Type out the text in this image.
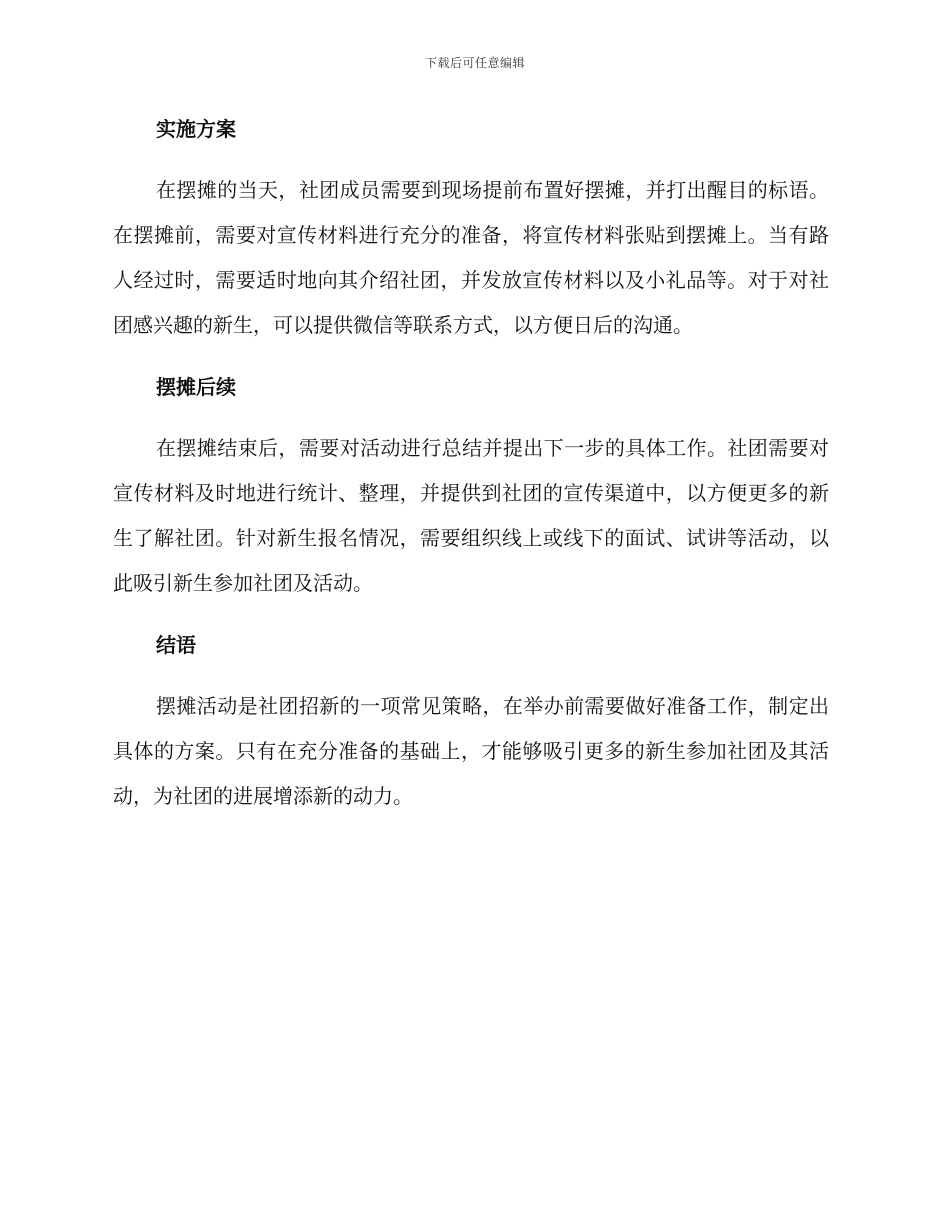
下载后可任意编辑
实施方案

在摆摊的当天，社团成员需要到现场提前布置好摆摊，并打出醒目的标语。在摆摊前，需要对宣传材料进行充分的准备，将宣传材料张贴到摆摊上。当有路人经过时，需要适时地向其介绍社团，并发放宣传材料以及小礼品等。对于对社团感兴趣的新生，可以提供微信等联系方式，以方便日后的沟通。

摆摊后续

在摆摊结束后，需要对活动进行总结并提出下一步的具体工作。社团需要对宣传材料及时地进行统计、整理，并提供到社团的宣传渠道中，以方便更多的新生了解社团。针对新生报名情况，需要组织线上或线下的面试、试讲等活动，以此吸引新生参加社团及活动。

结语

摆摊活动是社团招新的一项常见策略，在举办前需要做好准备工作，制定出具体的方案。只有在充分准备的基础上，才能够吸引更多的新生参加社团及其活动，为社团的进展增添新的动力。
